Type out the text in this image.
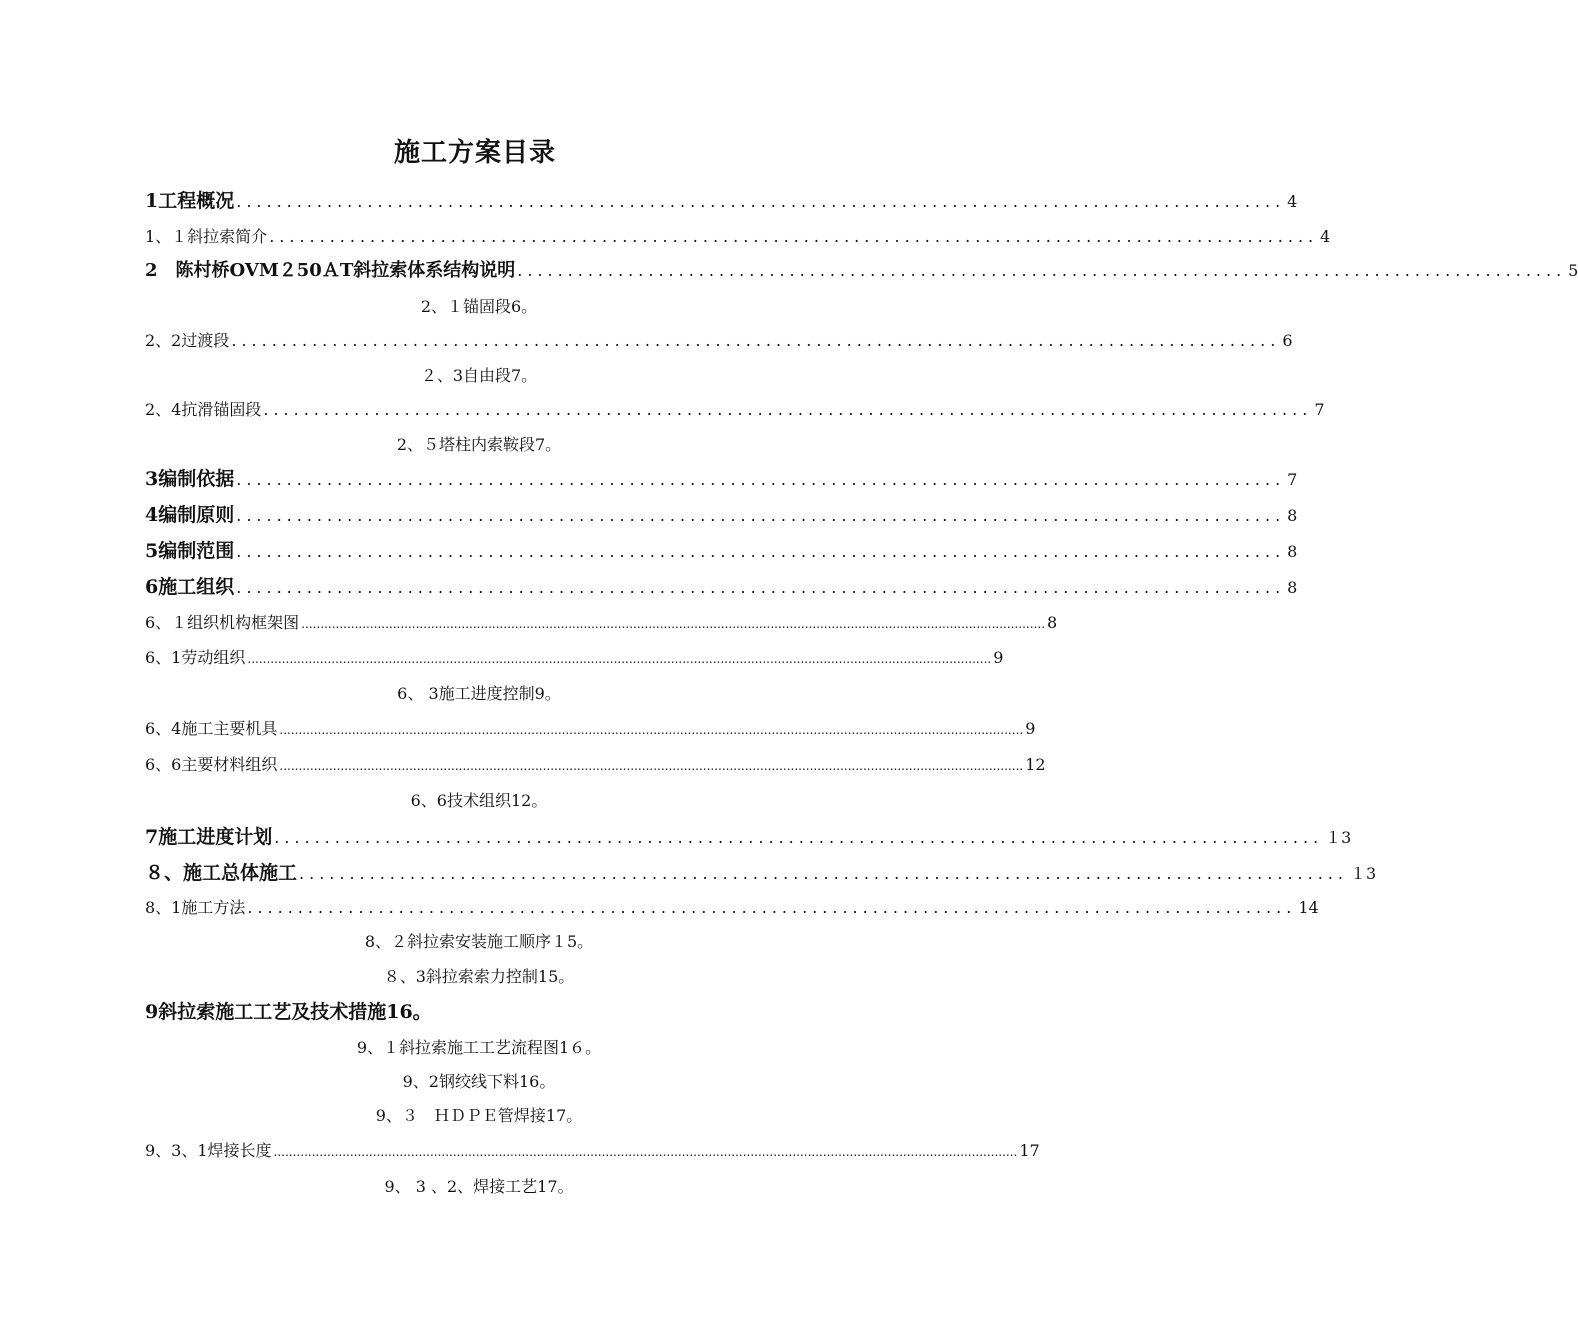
施工方案目录
1工程概况 ........................................................................................................ 4
1、１斜拉索简介 ........................................................................................................ 4
2　陈村桥OVM２50ＡT斜拉索体系结构说明 ........................................................................................................ 5
2、１锚固段6｡
2、2过渡段 ........................................................................................................ 6
２、3自由段7｡
2、4抗滑锚固段 ........................................................................................................ 7
2、５塔柱内索鞍段7｡
3编制依据 ........................................................................................................ 7
4编制原则 ........................................................................................................ 8
5编制范围 ........................................................................................................ 8
6施工组织 ........................................................................................................ 8
6、１组织机构框架图 ................................................................................................................................................................................................... 8
6、1劳动组织 ................................................................................................................................................................................................... 9
6、 3施工进度控制9｡
6、4施工主要机具 ................................................................................................................................................................................................... 9
6、6主要材料组织 ................................................................................................................................................................................................... 12
6、6技术组织12｡
7施工进度计划 ........................................................................................................ １3
８、施工总体施工 ........................................................................................................ １3
8、1施工方法 ........................................................................................................ 14
8、２斜拉索安装施工顺序１5｡
８、3斜拉索索力控制15｡
9斜拉索施工工艺及技术措施16｡
9、１斜拉索施工工艺流程图1６｡
9、2钢绞线下料16｡
9、３　ＨＤＰＥ管焊接17｡
9、3、1焊接长度 ................................................................................................................................................................................................... 17
9、 3 、2、焊接工艺17｡
